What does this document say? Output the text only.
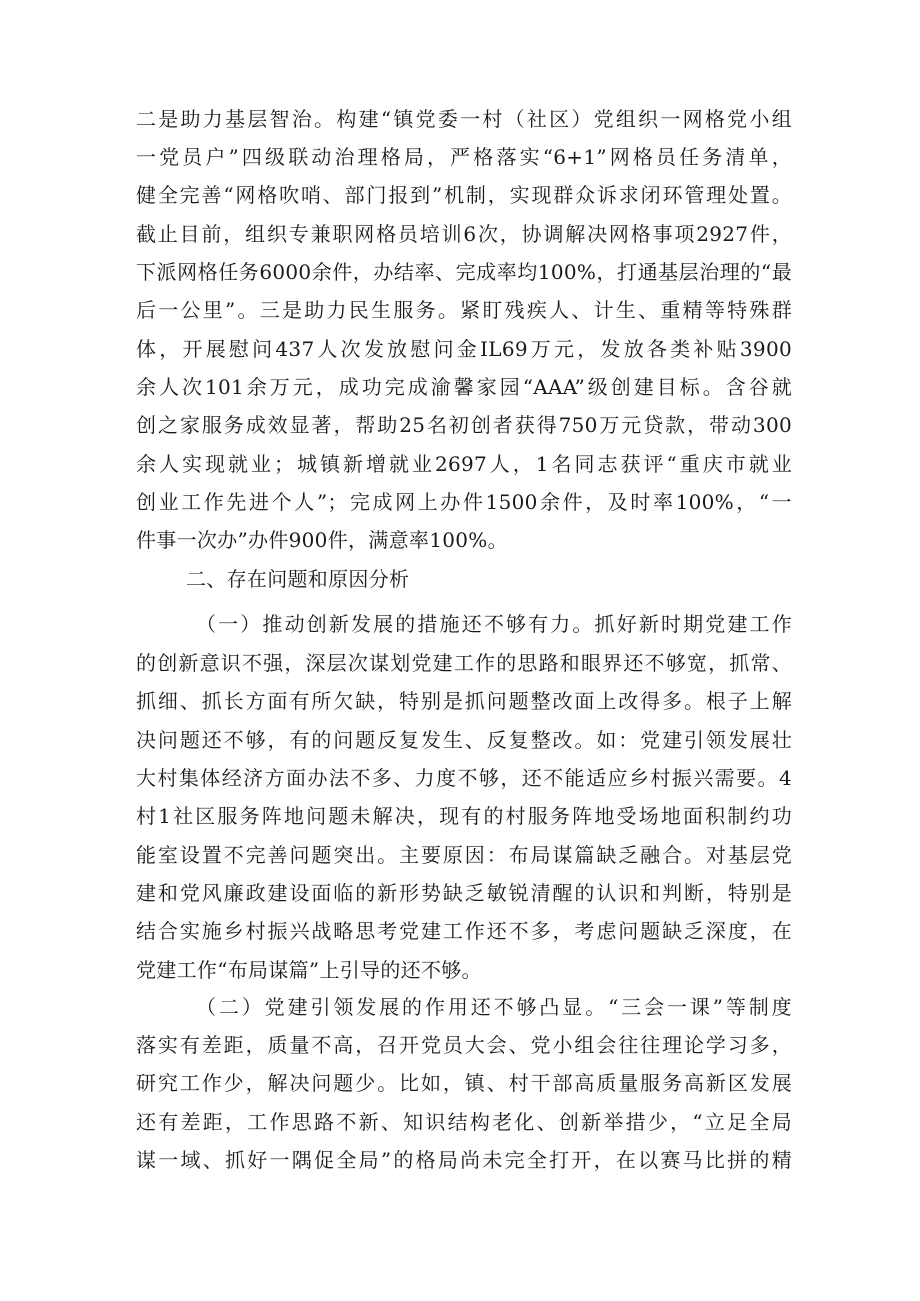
二是助力基层智治。构建“镇党委一村（社区）党组织一网格党小组
一党员户”四级联动治理格局，严格落实“6+1”网格员任务清单，
健全完善“网格吹哨、部门报到”机制，实现群众诉求闭环管理处置。
截止目前，组织专兼职网格员培训6次，协调解决网格事项2927件，
下派网格任务6000余件，办结率、完成率均100%，打通基层治理的“最
后一公里”。三是助力民生服务。紧盯残疾人、计生、重精等特殊群
体，开展慰问437人次发放慰问金IL69万元，发放各类补贴3900
余人次101余万元，成功完成渝馨家园“AAA”级创建目标。含谷就
创之家服务成效显著，帮助25名初创者获得750万元贷款，带动300
余人实现就业；城镇新增就业2697人，1名同志获评“重庆市就业
创业工作先进个人”；完成网上办件1500余件，及时率100%，“一
件事一次办”办件900件，满意率100%。
二、存在问题和原因分析
（一）推动创新发展的措施还不够有力。抓好新时期党建工作
的创新意识不强，深层次谋划党建工作的思路和眼界还不够宽，抓常、
抓细、抓长方面有所欠缺，特别是抓问题整改面上改得多。根子上解
决问题还不够，有的问题反复发生、反复整改。如：党建引领发展壮
大村集体经济方面办法不多、力度不够，还不能适应乡村振兴需要。4
村1社区服务阵地问题未解决，现有的村服务阵地受场地面积制约功
能室设置不完善问题突出。主要原因：布局谋篇缺乏融合。对基层党
建和党风廉政建设面临的新形势缺乏敏锐清醒的认识和判断，特别是
结合实施乡村振兴战略思考党建工作还不多，考虑问题缺乏深度，在
党建工作“布局谋篇”上引导的还不够。
（二）党建引领发展的作用还不够凸显。“三会一课”等制度
落实有差距，质量不高，召开党员大会、党小组会往往理论学习多，
研究工作少，解决问题少。比如，镇、村干部高质量服务高新区发展
还有差距，工作思路不新、知识结构老化、创新举措少，“立足全局
谋一域、抓好一隅促全局”的格局尚未完全打开，在以赛马比拼的精
